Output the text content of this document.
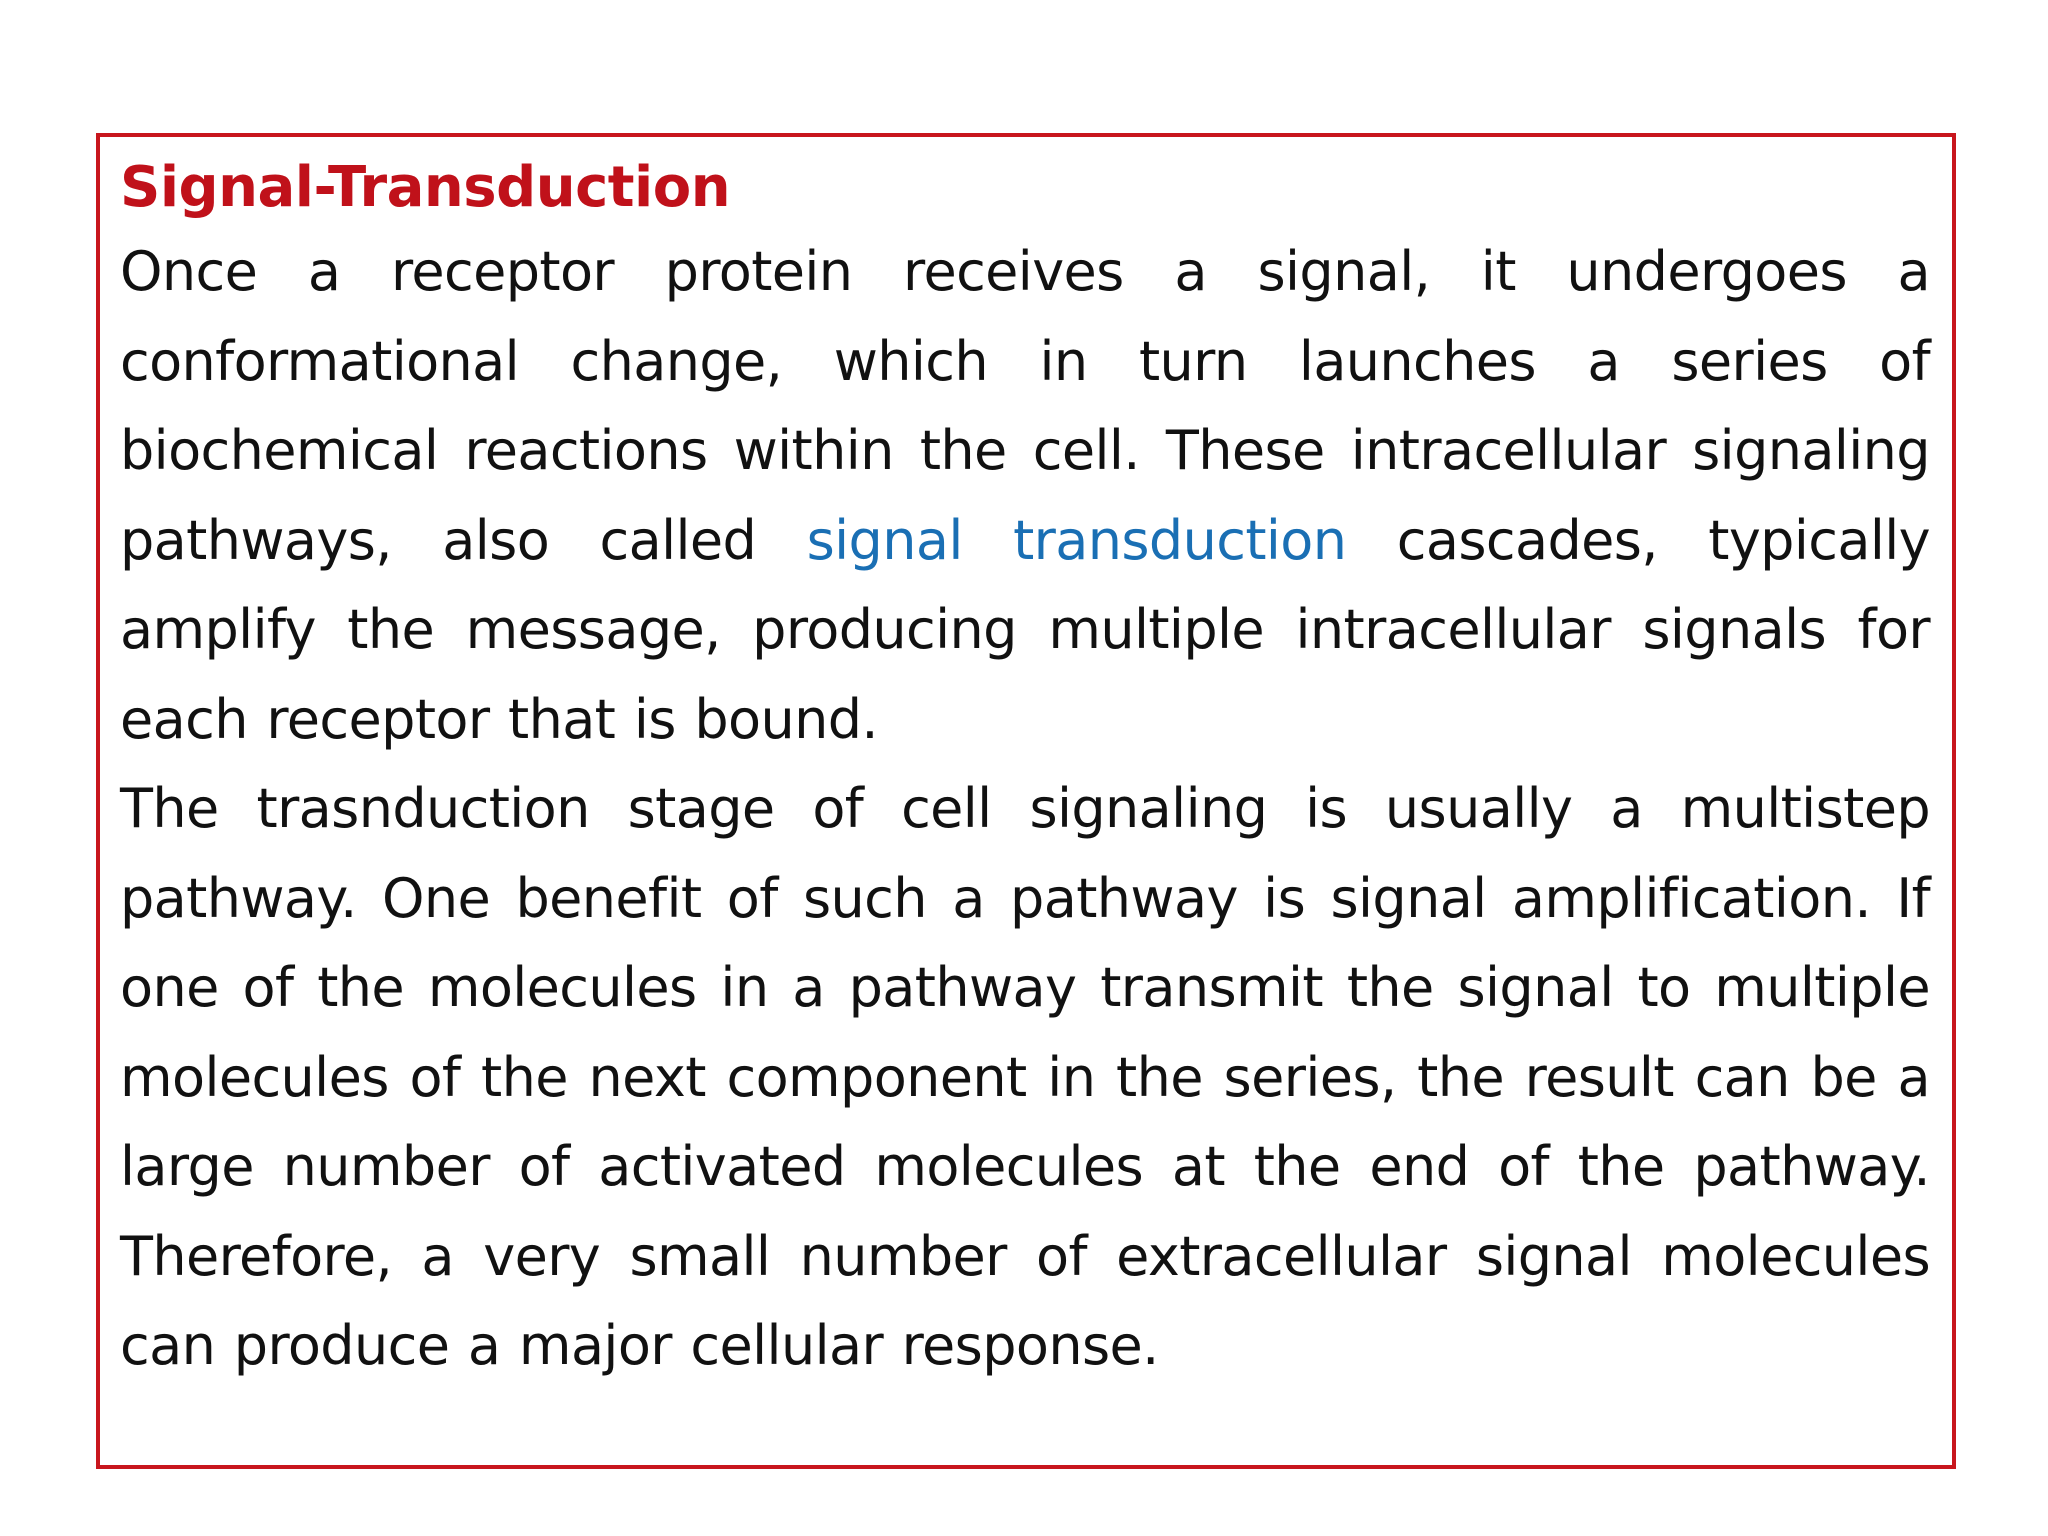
Signal-Transduction

Once a receptor protein receives a signal, it undergoes a conformational change, which in turn launches a series of biochemical reactions within the cell. These intracellular signaling pathways, also called signal transduction cascades, typically amplify the message, producing multiple intracellular signals for each receptor that is bound.

The trasnduction stage of cell signaling is usually a multistep pathway. One benefit of such a pathway is signal amplification. If one of the molecules in a pathway transmit the signal to multiple molecules of the next component in the series, the result can be a large number of activated molecules at the end of the pathway. Therefore, a very small number of extracellular signal molecules can produce a major cellular response.
